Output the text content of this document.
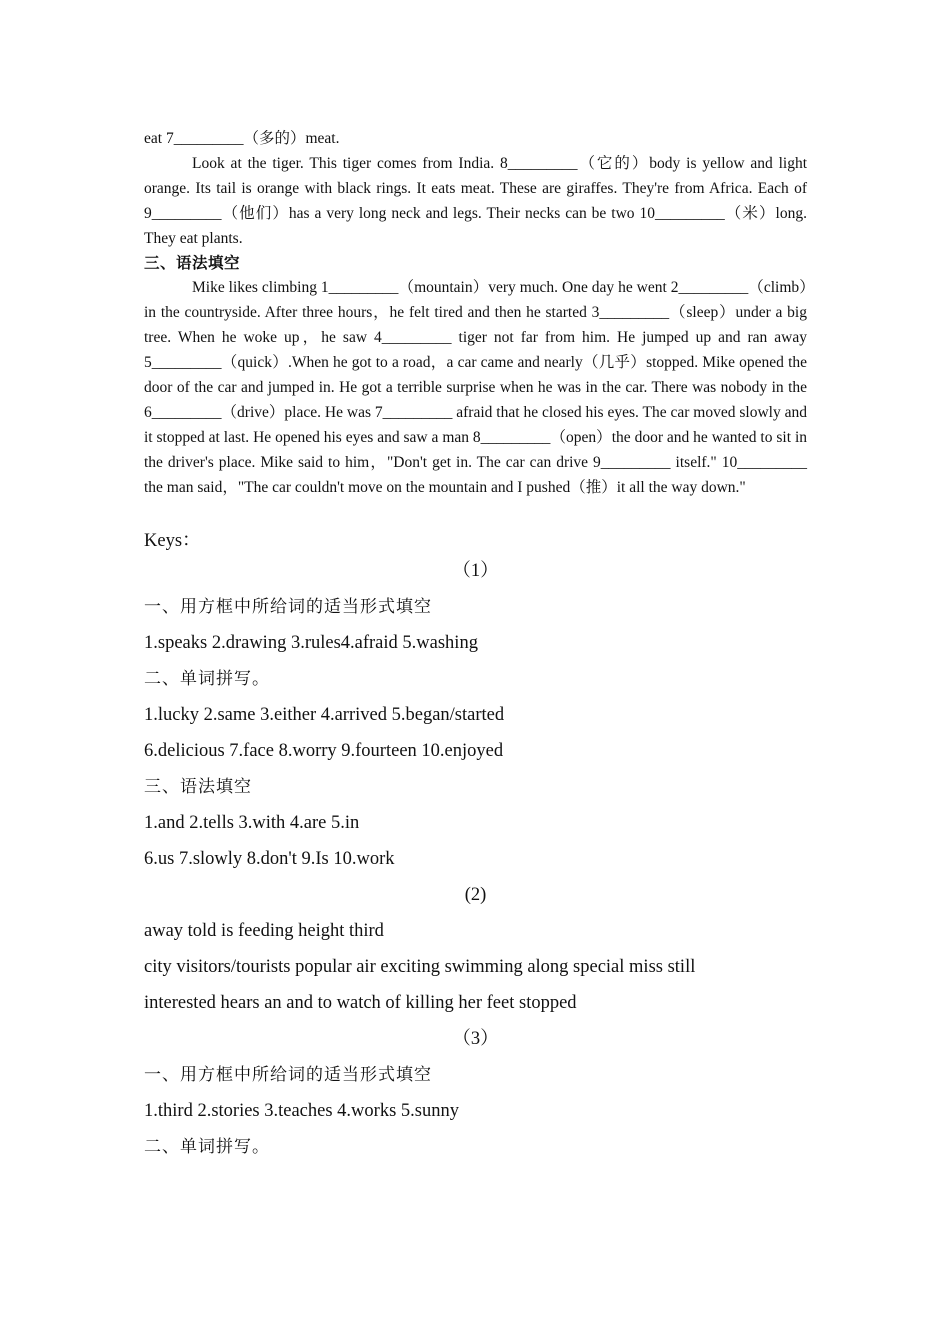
eat 7_________（多的）meat.

Look at the tiger. This tiger comes from India. 8_________（它的）body is yellow and light orange. Its tail is orange with black rings. It eats meat. These are giraffes. They're from Africa. Each of 9_________（他们）has a very long neck and legs. Their necks can be two 10_________（米）long. They eat plants.

三、语法填空

Mike likes climbing 1_________（mountain）very much. One day he went 2_________（climb）in the countryside. After three hours，he felt tired and then he started 3_________（sleep）under a big tree. When he woke up，he saw 4_________ tiger not far from him. He jumped up and ran away 5_________（quick）.When he got to a road，a car came and nearly（几乎）stopped. Mike opened the door of the car and jumped in. He got a terrible surprise when he was in the car. There was nobody in the 6_________（drive）place. He was 7_________ afraid that he closed his eyes. The car moved slowly and it stopped at last. He opened his eyes and saw a man 8_________（open）the door and he wanted to sit in the driver's place. Mike said to him，"Don't get in. The car can drive 9_________ itself." 10_________ the man said，"The car couldn't move on the mountain and I pushed（推）it all the way down."

Keys：

（1）

一、用方框中所给词的适当形式填空

1.speaks 2.drawing 3.rules4.afraid 5.washing

二、单词拼写。

1.lucky 2.same 3.either 4.arrived 5.began/started

6.delicious 7.face 8.worry 9.fourteen 10.enjoyed

三、语法填空

1.and 2.tells 3.with 4.are 5.in

6.us 7.slowly 8.don't 9.Is 10.work

(2)

away told is feeding height third

city visitors/tourists popular air exciting swimming along special miss still

interested hears an and to watch of killing her feet stopped

（3）

一、用方框中所给词的适当形式填空

1.third 2.stories 3.teaches 4.works 5.sunny

二、单词拼写。
